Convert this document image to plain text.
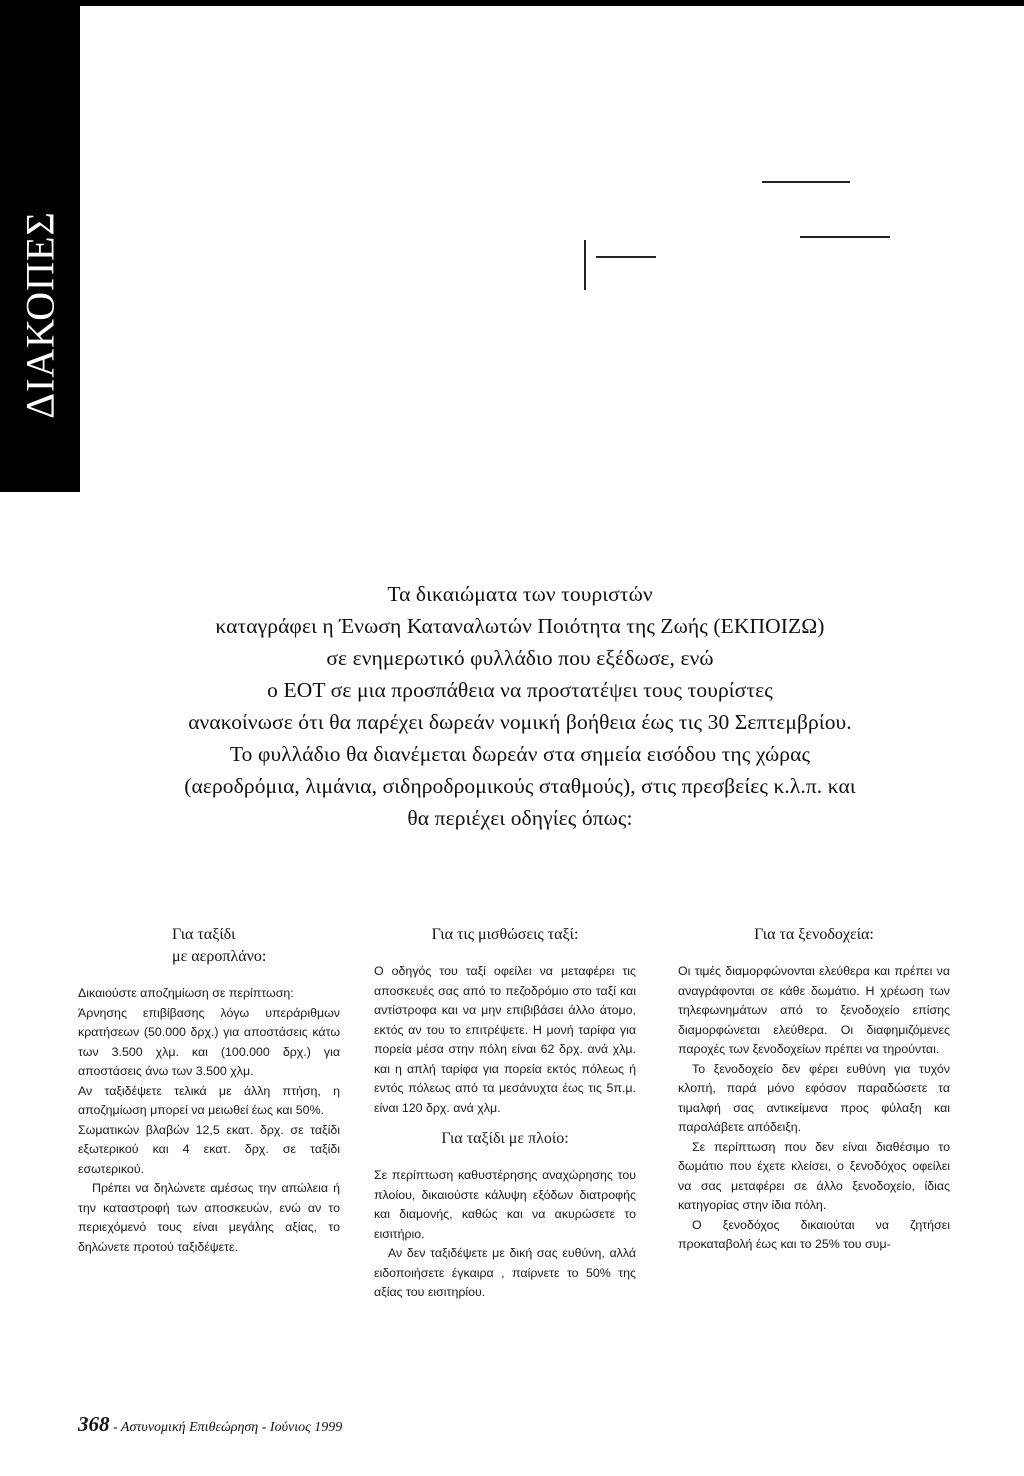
ΔΙΑΚΟΠΕΣ
Τα δικαιώματα των τουριστών
καταγράφει η Ένωση Καταναλωτών Ποιότητα της Ζωής (ΕΚΠΟΙΖΩ)
σε ενημερωτικό φυλλάδιο που εξέδωσε, ενώ
ο ΕΟΤ σε μια προσπάθεια να προστατέψει τους τουρίστες
ανακοίνωσε ότι θα παρέχει δωρεάν νομική βοήθεια έως τις 30 Σεπτεμβρίου.
Το φυλλάδιο θα διανέμεται δωρεάν στα σημεία εισόδου της χώρας
(αεροδρόμια, λιμάνια, σιδηροδρομικούς σταθμούς), στις πρεσβείες κ.λ.π. και
θα περιέχει οδηγίες όπως:
Για ταξίδι
με αεροπλάνο:

Δικαιούστε αποζημίωση σε περίπτωση:

Άρνησης επιβίβασης λόγω υπεράριθμων κρατήσεων (50.000 δρχ.) για αποστάσεις κάτω των 3.500 χλμ. και (100.000 δρχ.) για αποστάσεις άνω των 3.500 χλμ.

Αν ταξιδέψετε τελικά με άλλη πτήση, η αποζημίωση μπορεί να μειωθεί έως και 50%.

Σωματικών βλαβών 12,5 εκατ. δρχ. σε ταξίδι εξωτερικού και 4 εκατ. δρχ. σε ταξίδι εσωτερικού.

Πρέπει να δηλώνετε αμέσως την απώλεια ή την καταστροφή των αποσκευών, ενώ αν το περιεχόμενό τους είναι μεγάλης αξίας, το δηλώνετε προτού ταξιδέψετε.

Για τις μισθώσεις ταξί:

Ο οδηγός του ταξί οφείλει να μεταφέρει τις αποσκευές σας από το πεζοδρόμιο στο ταξί και αντίστροφα και να μην επιβιβάσει άλλο άτομο, εκτός αν του το επιτρέψετε. Η μονή ταρίφα για πορεία μέσα στην πόλη είναι 62 δρχ. ανά χλμ. και η απλή ταρίφα για πορεία εκτός πόλεως ή εντός πόλεως από τα μεσάνυχτα έως τις 5π.μ. είναι 120 δρχ. ανά χλμ.

Για ταξίδι με πλοίο:

Σε περίπτωση καθυστέρησης αναχώρησης του πλοίου, δικαιούστε κάλυψη εξόδων διατροφής και διαμονής, καθώς και να ακυρώσετε το εισιτήριο.

Αν δεν ταξιδέψετε με δική σας ευθύνη, αλλά ειδοποιήσετε έγκαιρα , παίρνετε το 50% της αξίας του εισιτηρίου.

Για τα ξενοδοχεία:

Οι τιμές διαμορφώνονται ελεύθερα και πρέπει να αναγράφονται σε κάθε δωμάτιο. Η χρέωση των τηλεφωνημάτων από το ξενοδοχείο επίσης διαμορφώνεται ελεύθερα. Οι διαφημιζόμενες παροχές των ξενοδοχείων πρέπει να τηρούνται.

Το ξενοδοχείο δεν φέρει ευθύνη για τυχόν κλοπή, παρά μόνο εφόσον παραδώσετε τα τιμαλφή σας αντικείμενα προς φύλαξη και παραλάβετε απόδειξη.

Σε περίπτωση που δεν είναι διαθέσιμο το δωμάτιο που έχετε κλείσει, ο ξενοδόχος οφείλει να σας μεταφέρει σε άλλο ξενοδοχείο, ίδιας κατηγορίας στην ίδια πόλη.

Ο ξενοδόχος δικαιούται να ζητήσει προκαταβολή έως και το 25% του συμ-

368 - Αστυνομική Επιθεώρηση - Ιούνιος 1999
